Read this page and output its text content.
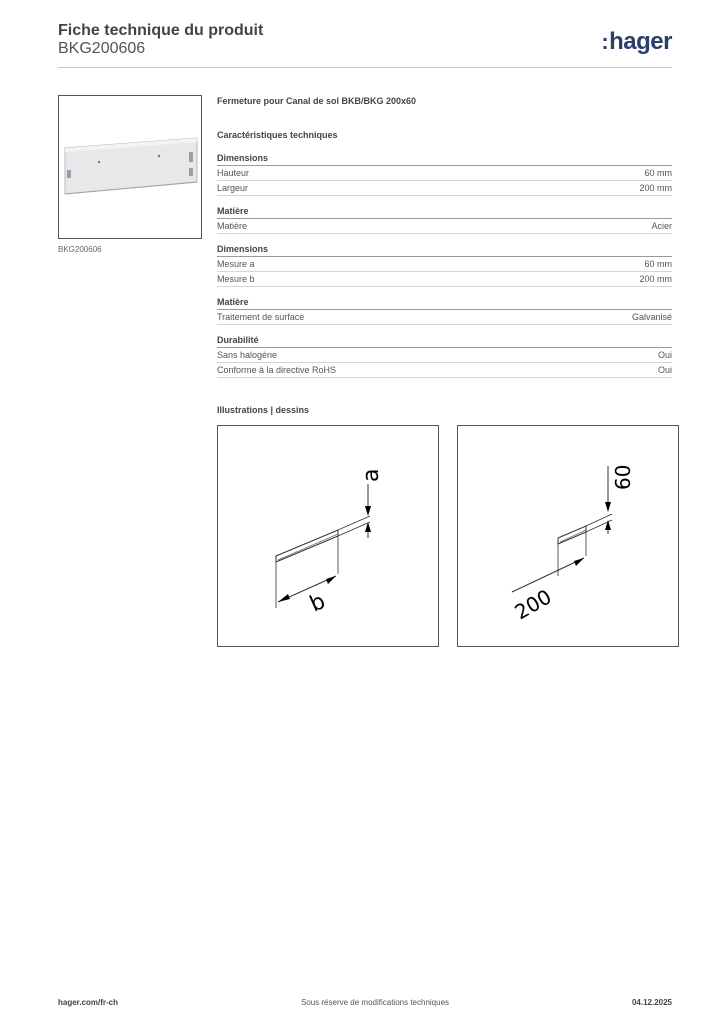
Fiche technique du produit
BKG200606	:hager
BKG200606
Fermeture pour Canal de sol BKB/BKG 200x60
Caractéristiques techniques
Dimensions
Hauteur	60 mm
Largeur	200 mm
Matière
Matière	Acier
Dimensions
Mesure a	60 mm
Mesure b	200 mm
Matière
Traitement de surface	Galvanisé
Durabilité
Sans halogène	Oui
Conforme à la directive RoHS	Oui
Illustrations | dessins
a
b
60
200
hager.com/fr-ch	Sous réserve de modifications techniques	04.12.2025
